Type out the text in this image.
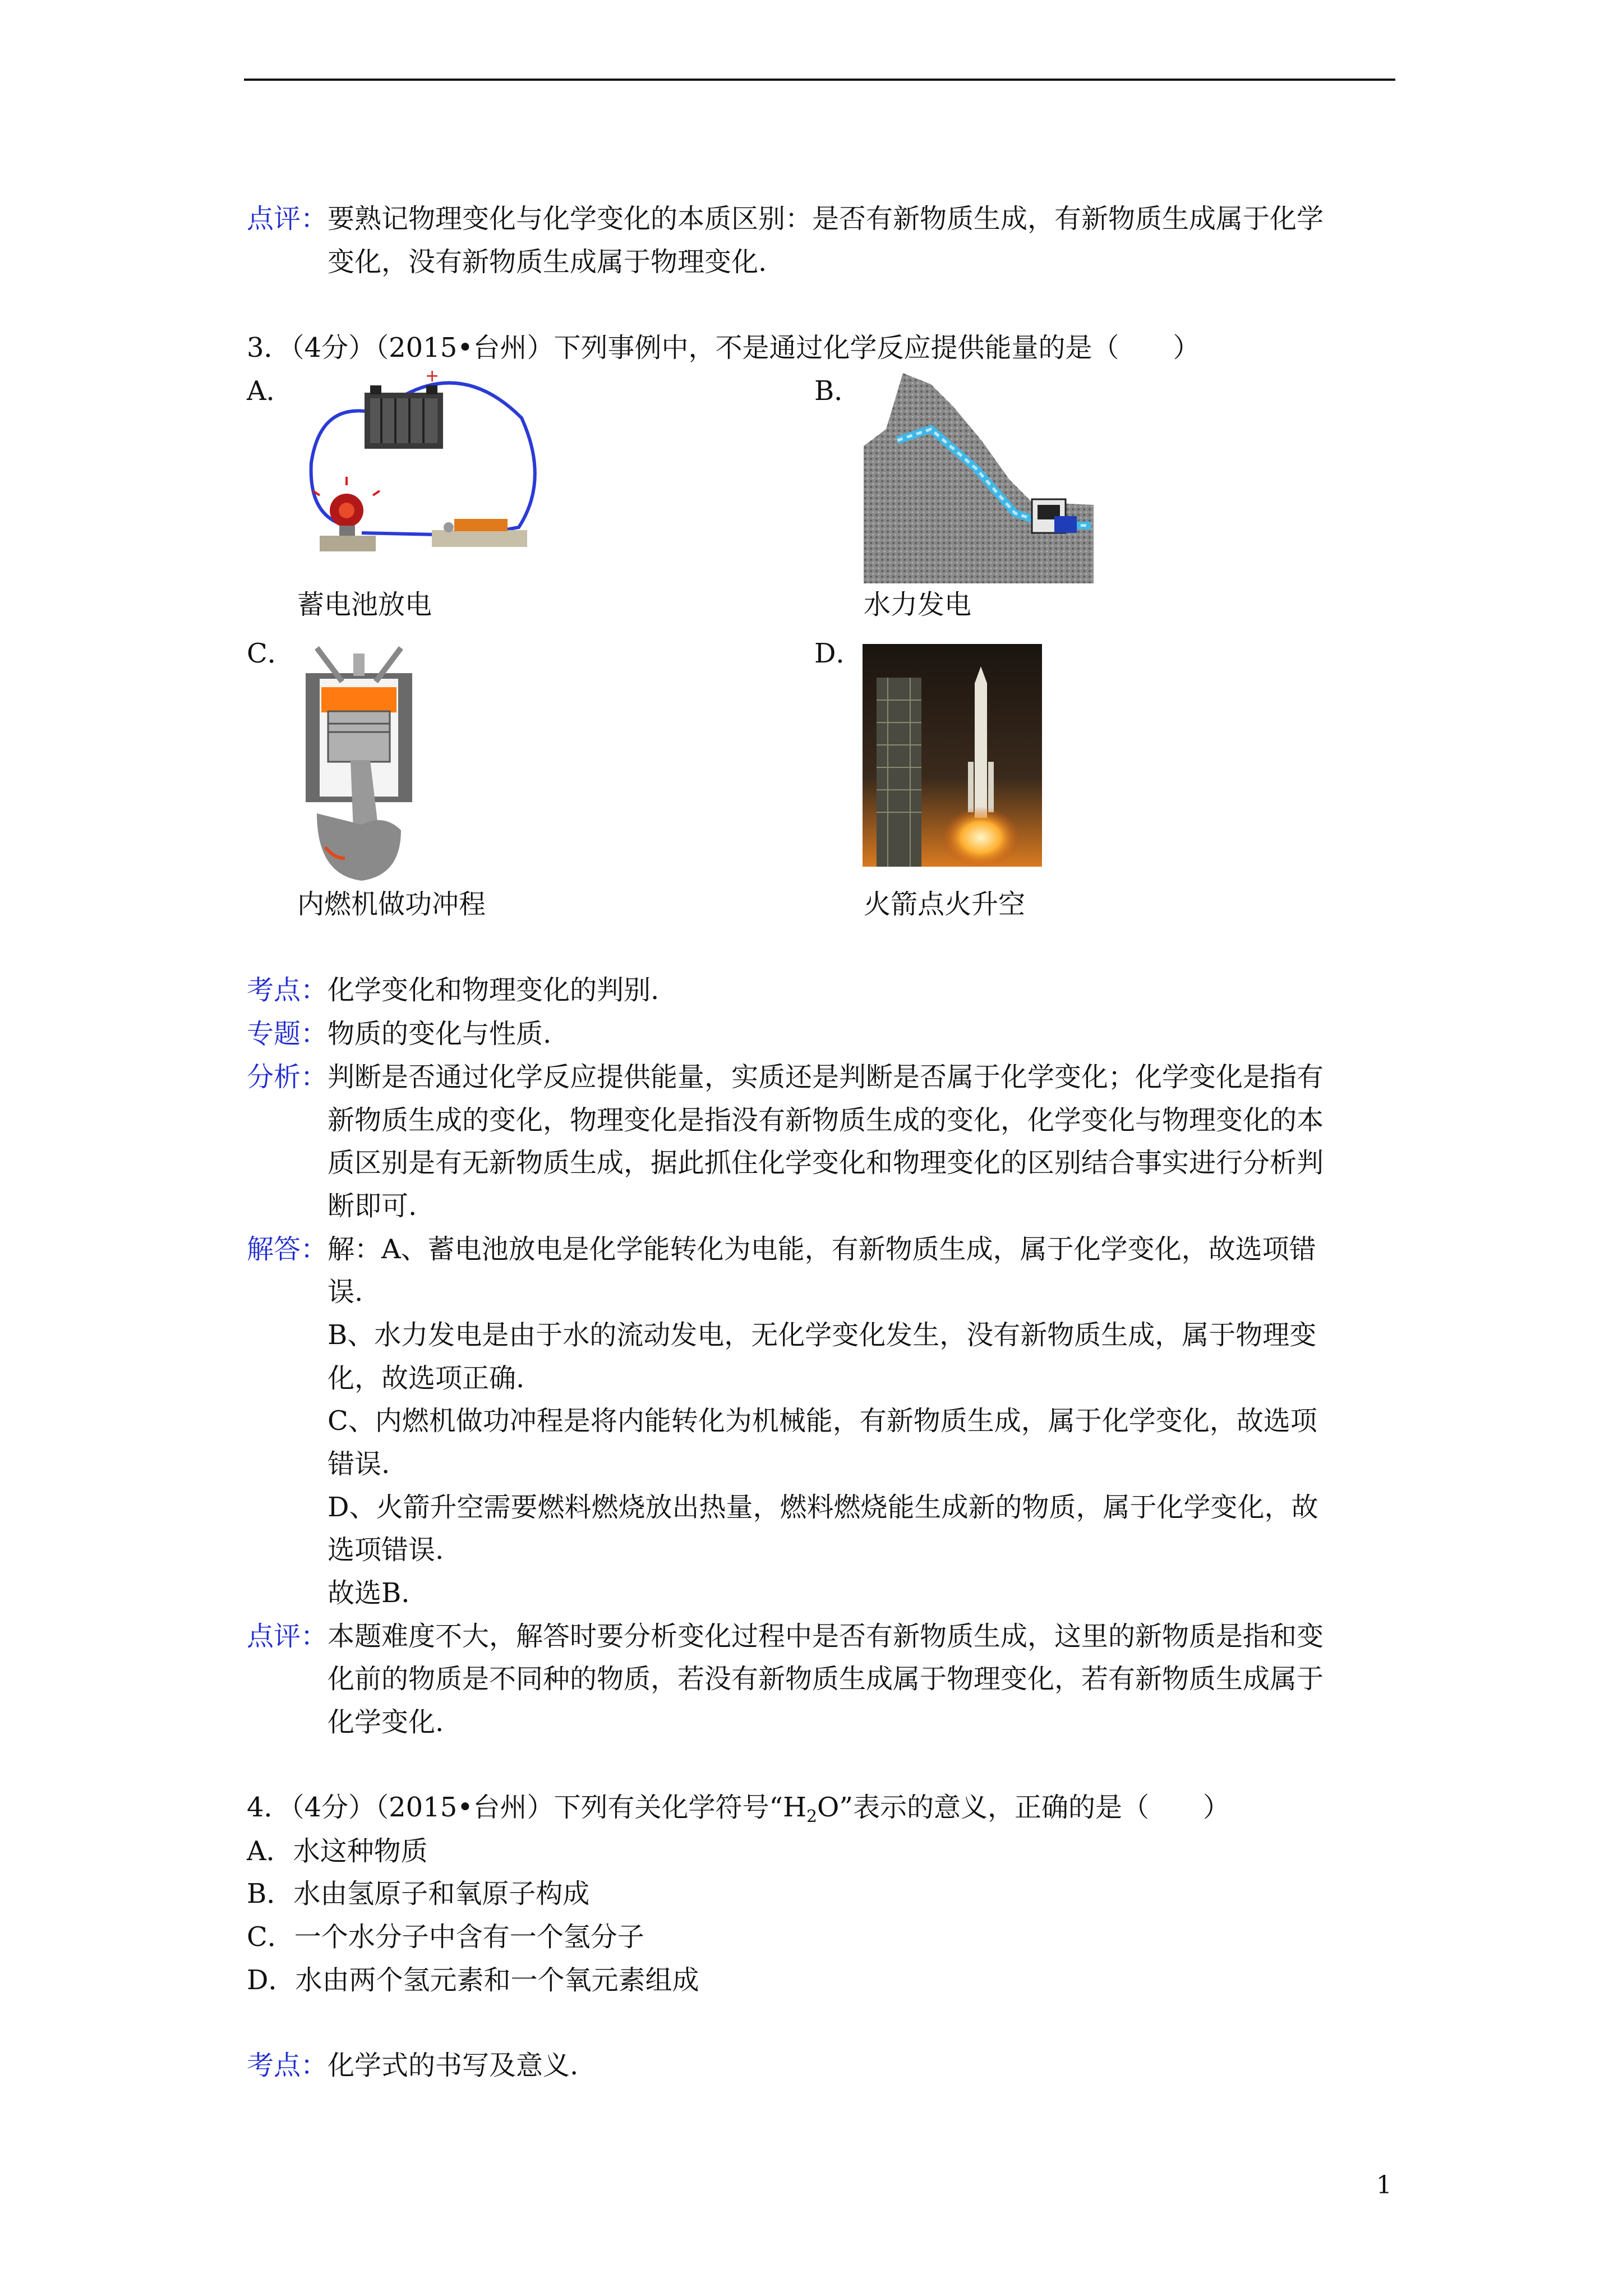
点评：要熟记物理变化与化学变化的本质区别：是否有新物质生成，有新物质生成属于化学
变化，没有新物质生成属于物理变化.
3．（4分）（2015•台州）下列事例中，不是通过化学反应提供能量的是（　　）
A．	B．
+
蓄电池放电	水力发电
C．	D．
内燃机做功冲程	火箭点火升空
考点：化学变化和物理变化的判别.
专题：物质的变化与性质.
分析：判断是否通过化学反应提供能量，实质还是判断是否属于化学变化；化学变化是指有
新物质生成的变化，物理变化是指没有新物质生成的变化，化学变化与物理变化的本
质区别是有无新物质生成，据此抓住化学变化和物理变化的区别结合事实进行分析判
断即可.
解答：解：A、蓄电池放电是化学能转化为电能，有新物质生成，属于化学变化，故选项错
误.
B、水力发电是由于水的流动发电，无化学变化发生，没有新物质生成，属于物理变
化，故选项正确.
C、内燃机做功冲程是将内能转化为机械能，有新物质生成，属于化学变化，故选项
错误.
D、火箭升空需要燃料燃烧放出热量，燃料燃烧能生成新的物质，属于化学变化，故
选项错误.
故选B.
点评：本题难度不大，解答时要分析变化过程中是否有新物质生成，这里的新物质是指和变
化前的物质是不同种的物质，若没有新物质生成属于物理变化，若有新物质生成属于
化学变化.
4．（4分）（2015•台州）下列有关化学符号“$H_2O$”表示的意义，正确的是（　　）
A．水这种物质
B．水由氢原子和氧原子构成
C．一个水分子中含有一个氢分子
D．水由两个氢元素和一个氧元素组成
考点：化学式的书写及意义.
1
